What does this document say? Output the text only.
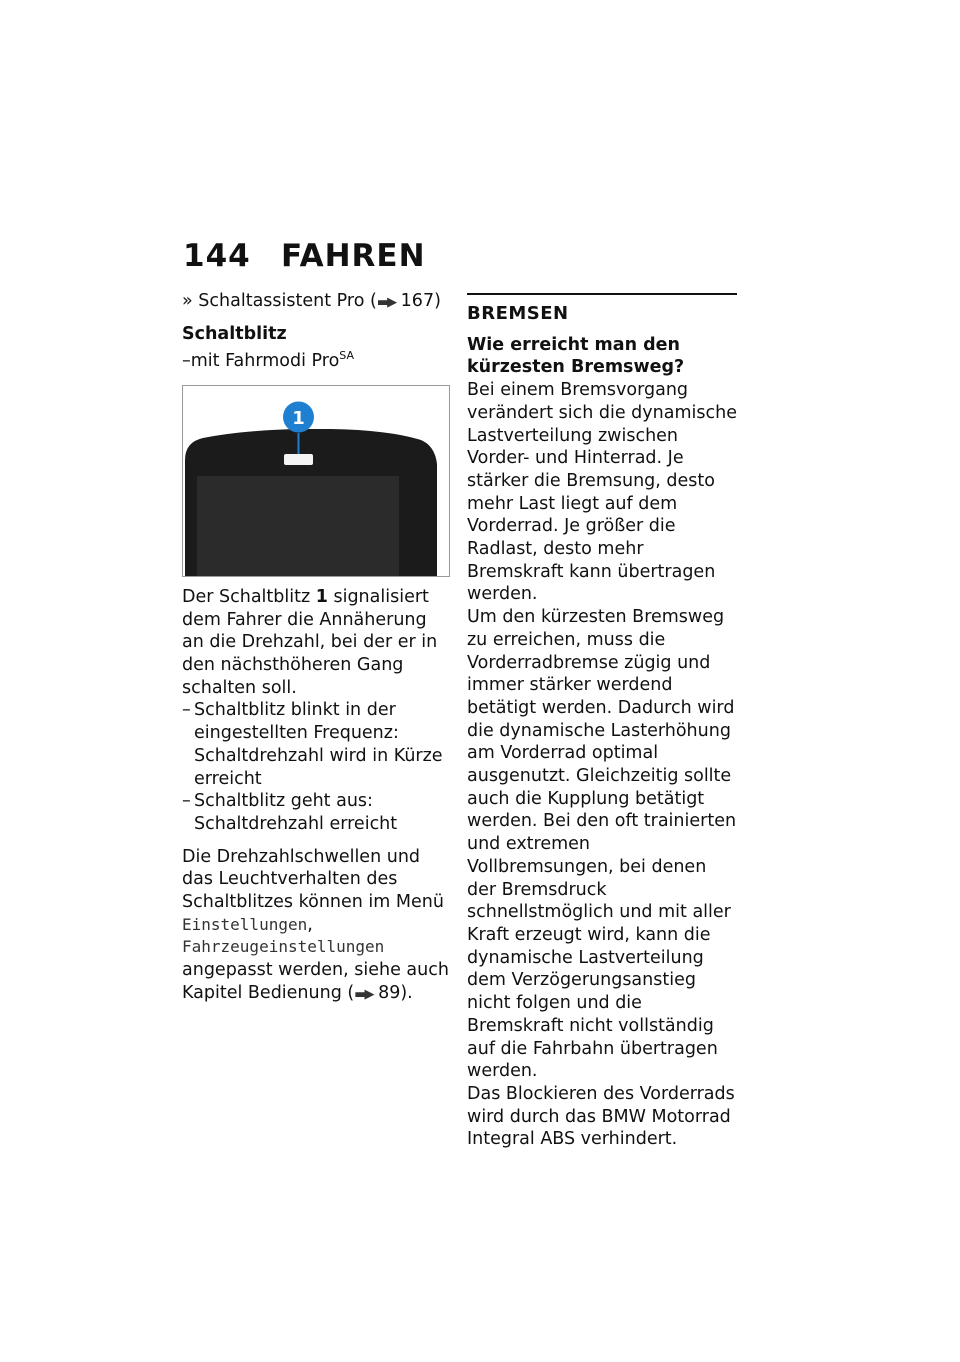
144 FAHREN

» Schaltassistent Pro (▬▶ 167)

Schaltblitz

–mit Fahrmodi Pro$^{SA}$

1

Der Schaltblitz 1 signalisiert dem Fahrer die Annäherung an die Drehzahl, bei der er in den nächsthöheren Gang schalten soll.

– Schaltblitz blinkt in der eingestellten Frequenz: Schaltdrehzahl wird in Kürze erreicht
– Schaltblitz geht aus: Schaltdrehzahl erreicht

Die Drehzahlschwellen und das Leuchtverhalten des Schaltblitzes können im Menü Einstellungen, Fahrzeugeinstellungen angepasst werden, siehe auch Kapitel Bedienung (▬▶ 89).

BREMSEN

Wie erreicht man den kürzesten Bremsweg?

Bei einem Bremsvorgang verändert sich die dynamische Lastverteilung zwischen Vorder- und Hinterrad. Je stärker die Bremsung, desto mehr Last liegt auf dem Vorderrad. Je größer die Radlast, desto mehr Bremskraft kann übertragen werden.

Um den kürzesten Bremsweg zu erreichen, muss die Vorderradbremse zügig und immer stärker werdend betätigt werden. Dadurch wird die dynamische Lasterhöhung am Vorderrad optimal ausgenutzt. Gleichzeitig sollte auch die Kupplung betätigt werden. Bei den oft trainierten und extremen Vollbremsungen, bei denen der Bremsdruck schnellstmöglich und mit aller Kraft erzeugt wird, kann die dynamische Lastverteilung dem Verzögerungsanstieg nicht folgen und die Bremskraft nicht vollständig auf die Fahrbahn übertragen werden.

Das Blockieren des Vorderrads wird durch das BMW Motorrad Integral ABS verhindert.
